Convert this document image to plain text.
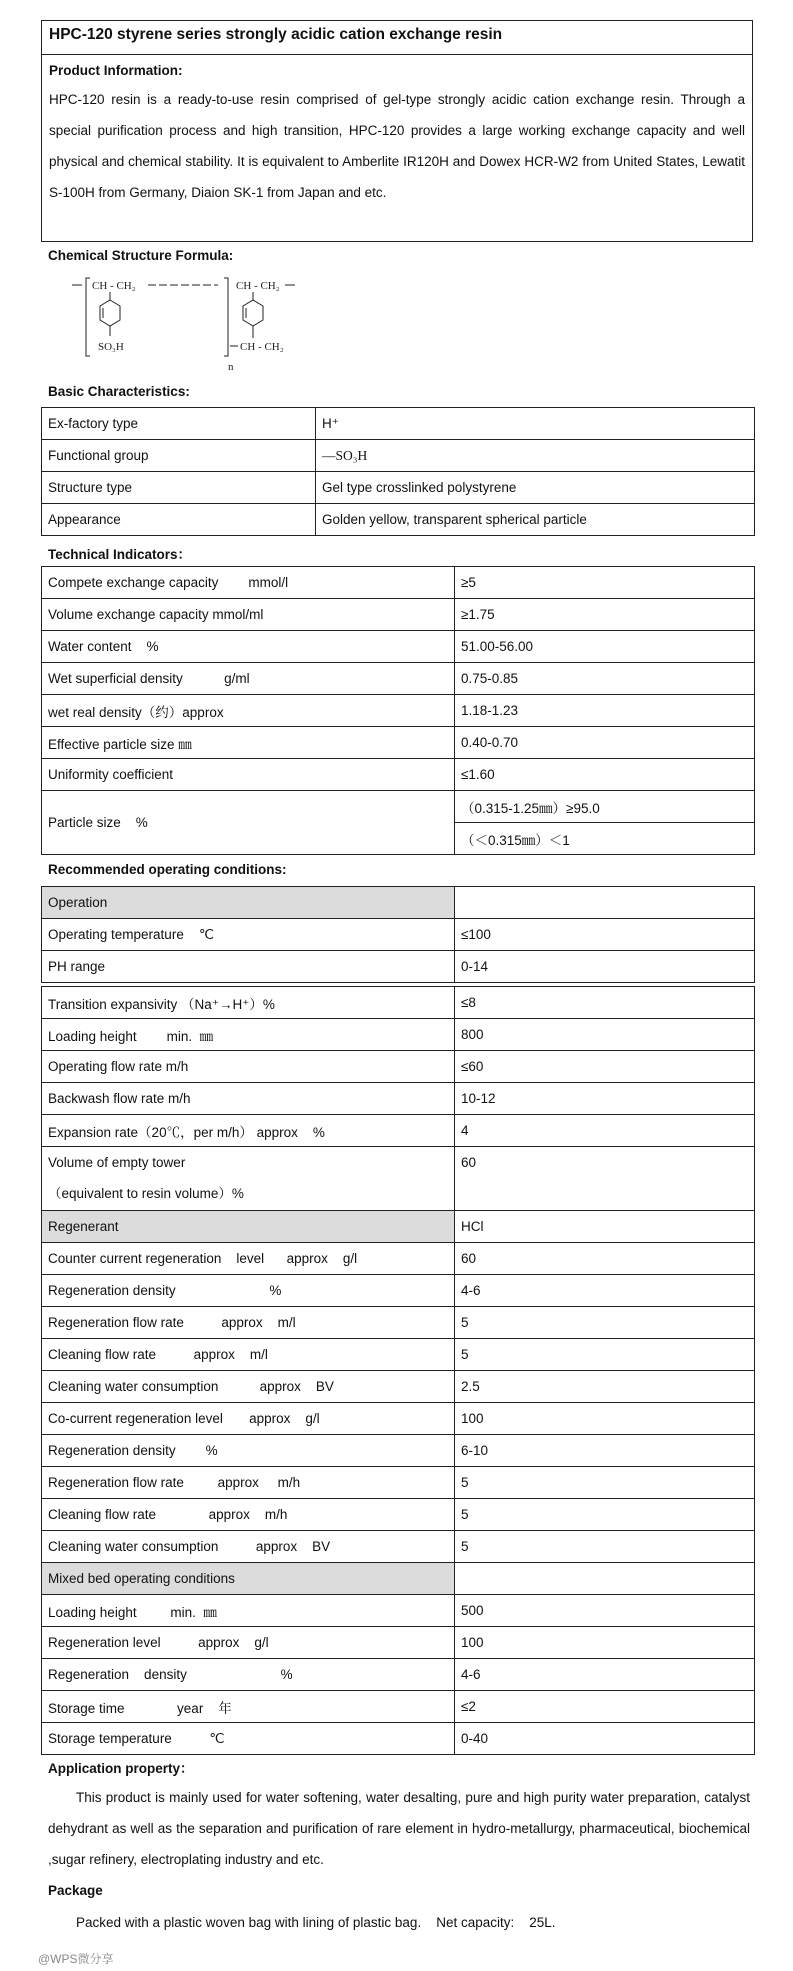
HPC-120 styrene series strongly acidic cation exchange resin
Product Information:
HPC-120 resin is a ready-to-use resin comprised of gel-type strongly acidic cation exchange resin. Through a special purification process and high transition, HPC-120 provides a large working exchange capacity and well physical and chemical stability. It is equivalent to Amberlite IR120H and Dowex HCR-W2 from United States, Lewatit S-100H from Germany, Diaion SK-1 from Japan and etc.
Chemical Structure Formula:
CH - CH₂	CH - CH₂
CH - CH₂
SO₃H
n
Basic Characteristics:
Ex-factory type	H⁺
Functional group	—SO₃H
Structure type	Gel type crosslinked polystyrene
Appearance	Golden yellow, transparent spherical particle
Technical Indicators：
Compete exchange capacity        mmol/l	≥5
Volume exchange capacity mmol/ml	≥1.75
Water content    %	51.00-56.00
Wet superficial density           g/ml	0.75-0.85
wet real density（约）approx	1.18-1.23
Effective particle size ㎜	0.40-0.70
Uniformity coefficient	≤1.60
Particle size    %	（0.315-1.25㎜）≥95.0
	（＜0.315㎜）＜1
Recommended operating conditions:
Operation	
Operating temperature    ℃	≤100
PH range	0-14
Transition expansivity （Na⁺→H⁺）%	≤8
Loading height        min.  ㎜	800
Operating flow rate m/h	≤60
Backwash flow rate m/h	10-12
Expansion rate（20℃，per m/h） approx    %	4

Volume of empty tower
（equivalent to resin volume）%	60
Regenerant	HCl
Counter current regeneration    level      approx    g/l	60
Regeneration density                         %	4-6
Regeneration flow rate          approx    m/l	5
Cleaning flow rate          approx    m/l	5
Cleaning water consumption           approx    BV	2.5
Co-current regeneration level       approx    g/l	100
Regeneration density        %	6-10
Regeneration flow rate         approx     m/h	5
Cleaning flow rate              approx    m/h	5
Cleaning water consumption          approx    BV	5
Mixed bed operating conditions	
Loading height         min.  ㎜	500
Regeneration level          approx    g/l	100
Regeneration    density                         %	4-6
Storage time              year    年	≤2
Storage temperature          ℃	0-40
Application property：
This product is mainly used for water softening, water desalting, pure and high purity water preparation, catalyst dehydrant as well as the separation and purification of rare element in hydro-metallurgy, pharmaceutical, biochemical ,sugar refinery, electroplating industry and etc.
Package
Packed with a plastic woven bag with lining of plastic bag.    Net capacity:    25L.
@WPS微分享
